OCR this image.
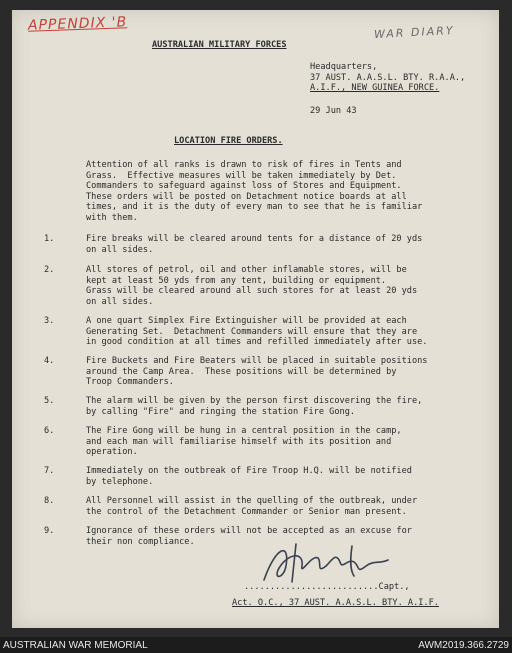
APPENDIX 'B	WAR DIARY
AUSTRALIAN MILITARY FORCES
Headquarters,
37 AUST. A.A.S.L. BTY. R.A.A.,
A.I.F., NEW GUINEA FORCE.
29 Jun 43
LOCATION FIRE ORDERS.
Attention of all ranks is drawn to risk of fires in Tents and
Grass.  Effective measures will be taken immediately by Det.
Commanders to safeguard against loss of Stores and Equipment.
These orders will be posted on Detachment notice boards at all
times, and it is the duty of every man to see that he is familiar
with them.
1.	Fire breaks will be cleared around tents for a distance of 20 yds
on all sides.
2.	All stores of petrol, oil and other inflamable stores, will be
kept at least 50 yds from any tent, building or equipment.
Grass will be cleared around all such stores for at least 20 yds
on all sides.
3.	A one quart Simplex Fire Extinguisher will be provided at each
Generating Set.  Detachment Commanders will ensure that they are
in good condition at all times and refilled immediately after use.
4.	Fire Buckets and Fire Beaters will be placed in suitable positions
around the Camp Area.  These positions will be determined by
Troop Commanders.
5.	The alarm will be given by the person first discovering the fire,
by calling "Fire" and ringing the station Fire Gong.
6.	The Fire Gong will be hung in a central position in the camp,
and each man will familiarise himself with its position and
operation.
7.	Immediately on the outbreak of Fire Troop H.Q. will be notified
by telephone.
8.	All Personnel will assist in the quelling of the outbreak, under
the control of the Detachment Commander or Senior man present.
9.	Ignorance of these orders will not be accepted as an excuse for
their non compliance.
..........................Capt.,
Act. O.C., 37 AUST. A.A.S.L. BTY. A.I.F.
AUSTRALIAN WAR MEMORIAL	AWM2019.366.2729
